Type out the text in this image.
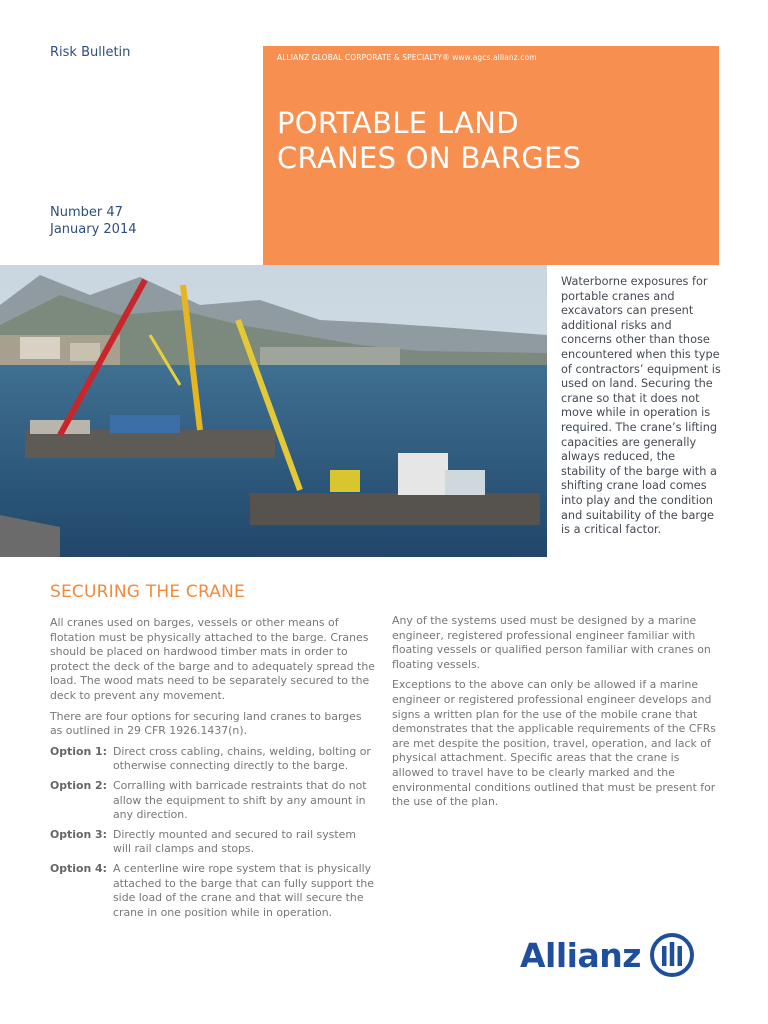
Risk Bulletin
Number 47
January 2014
ALLIANZ GLOBAL CORPORATE & SPECIALTY® www.agcs.allianz.com
PORTABLE LAND
CRANES ON BARGES
Waterborne exposures for portable cranes and excavators can present additional risks and concerns other than those encountered when this type of contractors’ equipment is used on land. Securing the crane so that it does not move while in operation is required. The crane’s lifting capacities are generally always reduced, the stability of the barge with a shifting crane load comes into play and the condition and suitability of the barge is a critical factor.
SECURING THE CRANE

All cranes used on barges, vessels or other means of flotation must be physically attached to the barge. Cranes should be placed on hardwood timber mats in order to protect the deck of the barge and to adequately spread the load. The wood mats need to be separately secured to the deck to prevent any movement.

There are four options for securing land cranes to barges as outlined in 29 CFR 1926.1437(n).

Option 1: Direct cross cabling, chains, welding, bolting or otherwise connecting directly to the barge.
Option 2: Corralling with barricade restraints that do not allow the equipment to shift by any amount in any direction.
Option 3: Directly mounted and secured to rail system will rail clamps and stops.
Option 4: A centerline wire rope system that is physically attached to the barge that can fully support the side load of the crane and that will secure the crane in one position while in operation.

Any of the systems used must be designed by a marine engineer, registered professional engineer familiar with floating vessels or qualified person familiar with cranes on floating vessels.

Exceptions to the above can only be allowed if a marine engineer or registered professional engineer develops and signs a written plan for the use of the mobile crane that demonstrates that the applicable requirements of the CFRs are met despite the position, travel, operation, and lack of physical attachment. Specific areas that the crane is allowed to travel have to be clearly marked and the environmental conditions outlined that must be present for the use of the plan.

Allianz
